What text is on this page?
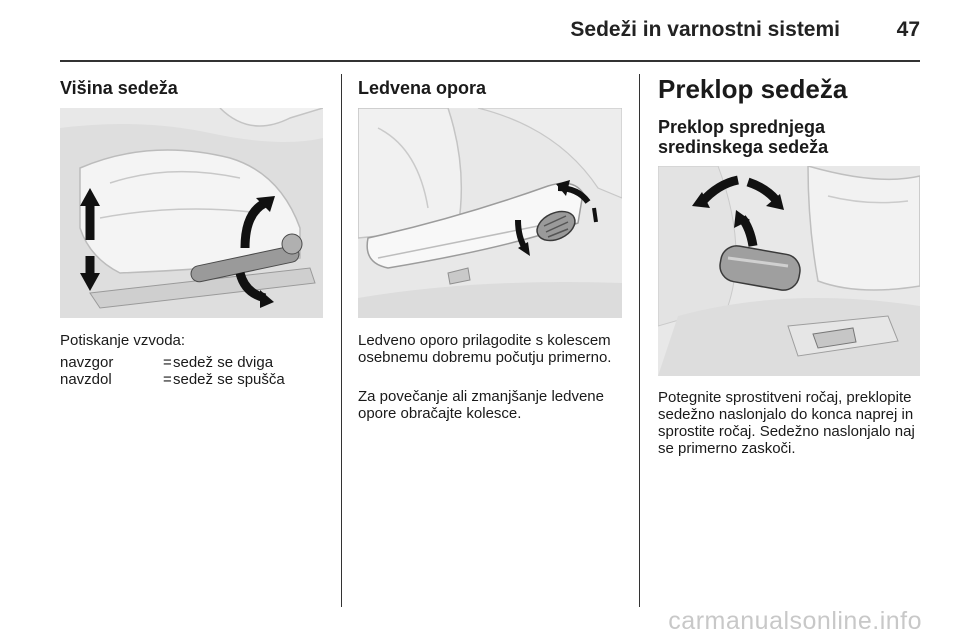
Sedeži in varnostni sistemi	47
Višina sedeža

Potiskanje vzvoda:

navzgor	= sedež se dviga
navzdol	= sedež se spušča
Ledvena opora

Ledveno oporo prilagodite s kolescem osebnemu dobremu počutju primerno.

Za povečanje ali zmanjšanje ledvene opore obračajte kolesce.

Preklop sedeža
Preklop sprednjega
sredinskega sedeža

Potegnite sprostitveni ročaj, preklopite sedežno naslonjalo do konca naprej in sprostite ročaj. Sedežno naslonjalo naj se primerno zaskoči.

carmanualsonline.info
